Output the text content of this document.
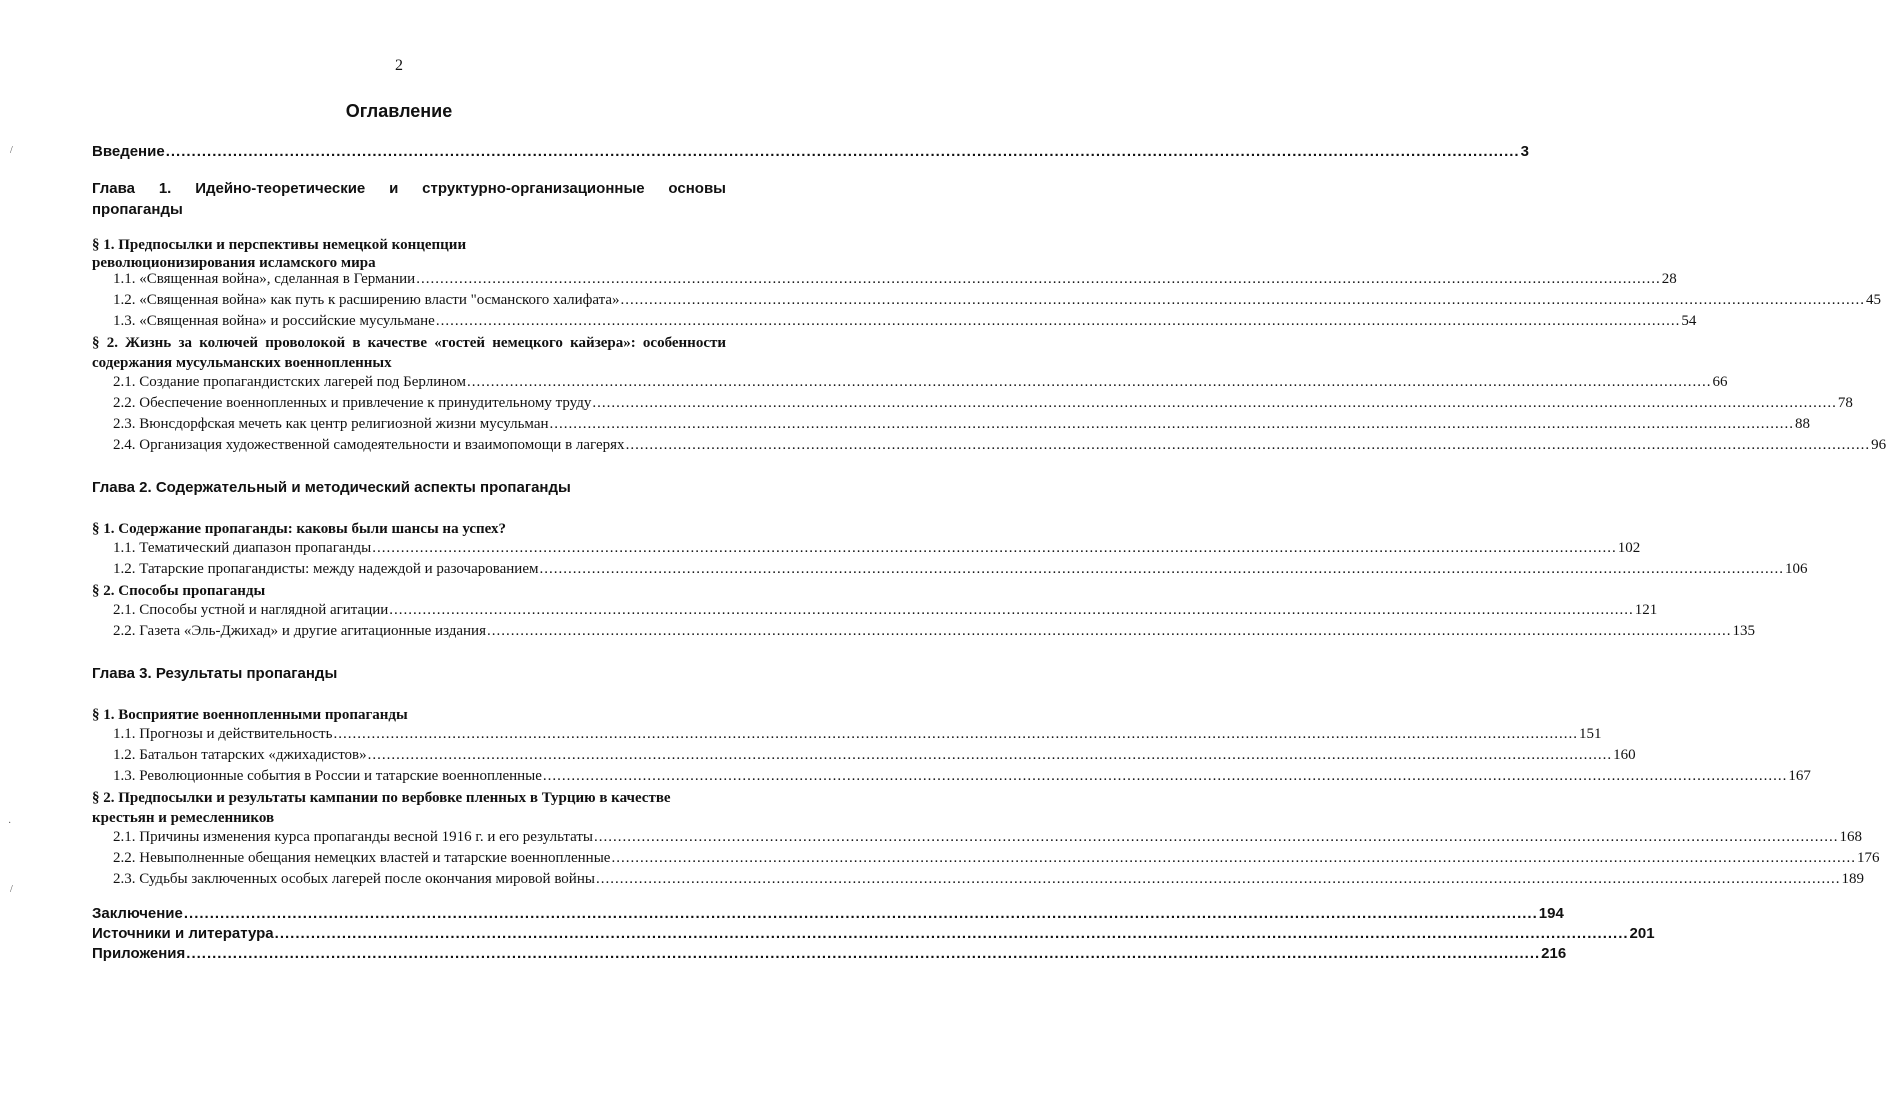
2
Оглавление
Введение .....	3
Глава 1. Идейно-теоретические и структурно-организационные основы пропаганды
§ 1. Предпосылки и перспективы немецкой концепции
революционизирования исламского мира
1.1. «Священная война», сделанная в Германии .....	28
1.2. «Священная война» как путь к расширению власти "османского халифата» .....	45
1.3. «Священная война» и российские мусульмане .....	54
§ 2. Жизнь за колючей проволокой в качестве «гостей немецкого кайзера»: особенности содержания мусульманских военнопленных
2.1. Создание пропагандистских лагерей под Берлином .....	66
2.2. Обеспечение военнопленных и привлечение к принудительному труду .....	78
2.3. Вюнсдорфская мечеть как центр религиозной жизни мусульман .....	88
2.4. Организация художественной самодеятельности и взаимопомощи в лагерях .....	96
Глава 2. Содержательный и методический аспекты пропаганды
§ 1. Содержание пропаганды: каковы были шансы на успех?
1.1. Тематический диапазон пропаганды .....	102
1.2. Татарские пропагандисты: между надеждой и разочарованием .....	106
§ 2. Способы пропаганды
2.1. Способы устной и наглядной агитации .....	121
2.2. Газета «Эль-Джихад» и другие агитационные издания .....	135
Глава 3. Результаты пропаганды
§ 1. Восприятие военнопленными пропаганды
1.1. Прогнозы и действительность .....	151
1.2. Батальон татарских «джихадистов» .....	160
1.3. Революционные события в России и татарские военнопленные .....	167
§ 2. Предпосылки и результаты кампании по вербовке пленных в Турцию в качестве крестьян и ремесленников
2.1. Причины изменения курса пропаганды весной 1916 г. и его результаты .....	168
2.2. Невыполненные обещания немецких властей и татарские военнопленные .....	176
2.3. Судьбы заключенных особых лагерей после окончания мировой войны .....	189
Заключение .....	194
Источники и литература .....	201
Приложения .....	216
/
·
/
